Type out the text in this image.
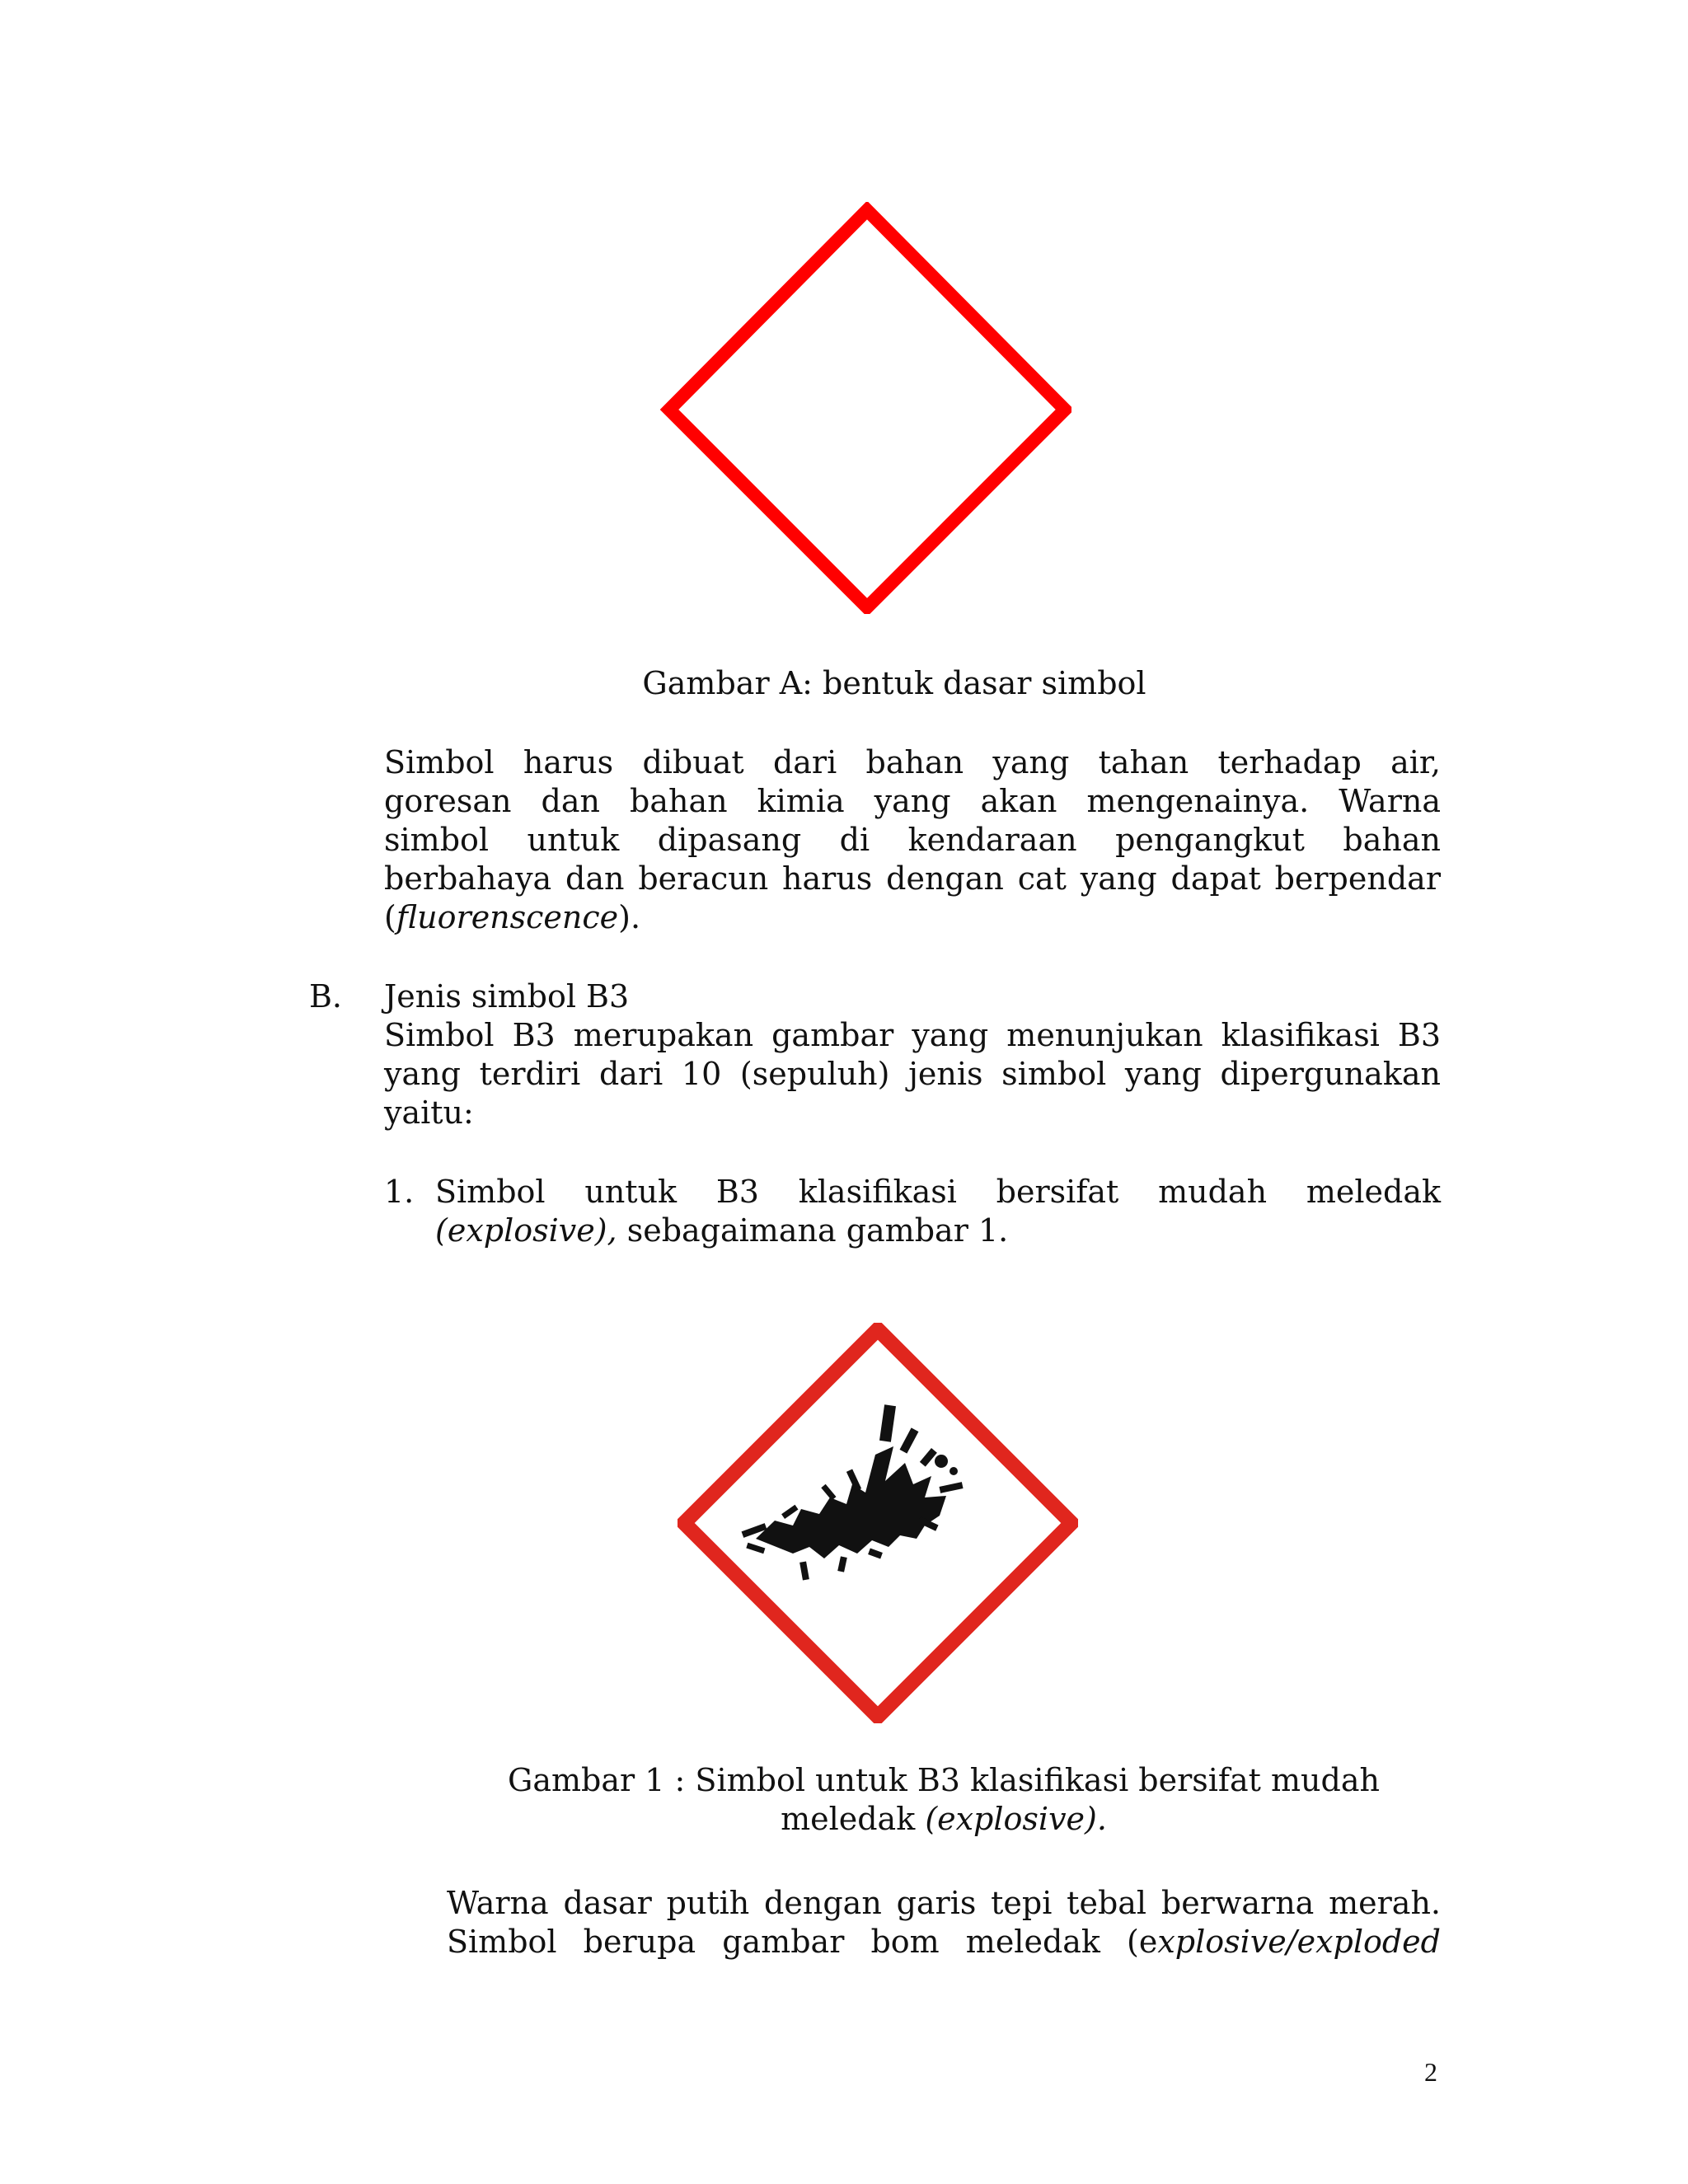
Gambar A: bentuk dasar simbol
Simbol harus dibuat dari bahan yang tahan terhadap air,
goresan dan bahan kimia yang akan mengenainya. Warna
simbol untuk dipasang di kendaraan pengangkut bahan
berbahaya dan beracun harus dengan cat yang dapat berpendar
(fluorenscence).
B. Jenis simbol B3
Simbol B3 merupakan gambar yang menunjukan klasifikasi B3
yang terdiri dari 10 (sepuluh) jenis simbol yang dipergunakan
yaitu:
1. Simbol untuk B3 klasifikasi bersifat mudah meledak
(explosive), sebagaimana gambar 1.
Gambar 1 : Simbol untuk B3 klasifikasi bersifat mudah
meledak (explosive).
Warna dasar putih dengan garis tepi tebal berwarna merah.
Simbol berupa gambar bom meledak (explosive/exploded
2
